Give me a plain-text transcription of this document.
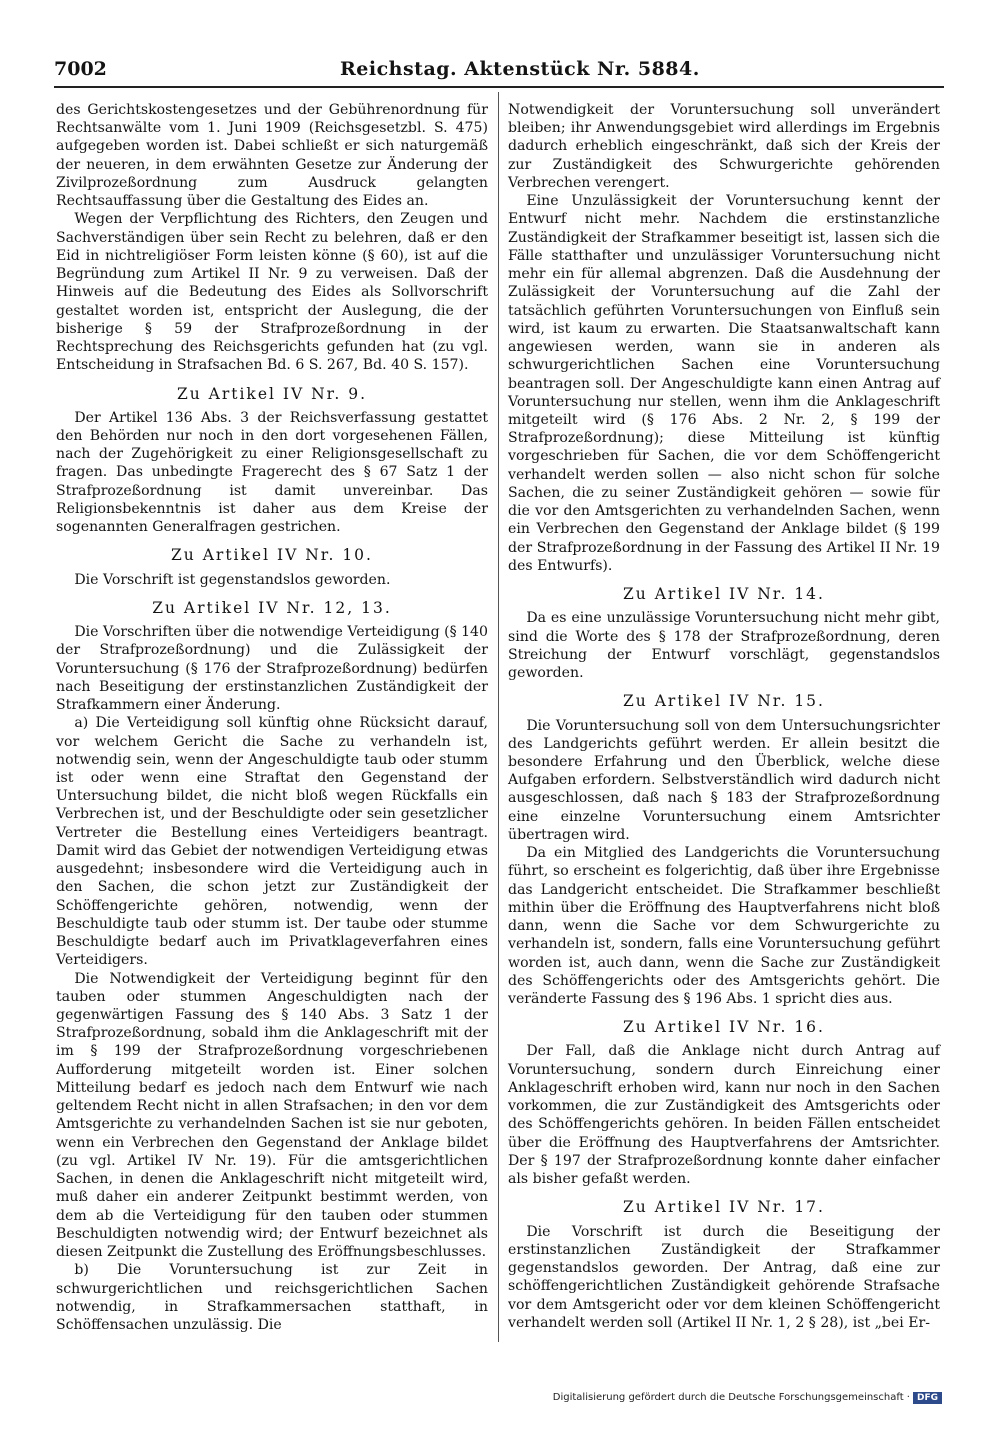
7002	Reichstag. Aktenstück Nr. 5884.

des Gerichtskostengesetzes und der Gebührenordnung für Rechtsanwälte vom 1. Juni 1909 (Reichsgesetzbl. S. 475) aufgegeben worden ist. Dabei schließt er sich naturgemäß der neueren, in dem erwähnten Gesetze zur Änderung der Zivilprozeßordnung zum Ausdruck gelangten Rechtsauffassung über die Gestaltung des Eides an.

Wegen der Verpflichtung des Richters, den Zeugen und Sachverständigen über sein Recht zu belehren, daß er den Eid in nichtreligiöser Form leisten könne (§ 60), ist auf die Begründung zum Artikel II Nr. 9 zu verweisen. Daß der Hinweis auf die Bedeutung des Eides als Sollvorschrift gestaltet worden ist, entspricht der Auslegung, die der bisherige § 59 der Strafprozeßordnung in der Rechtsprechung des Reichsgerichts gefunden hat (zu vgl. Entscheidung in Strafsachen Bd. 6 S. 267, Bd. 40 S. 157).

Zu Artikel IV Nr. 9.

Der Artikel 136 Abs. 3 der Reichsverfassung gestattet den Behörden nur noch in den dort vorgesehenen Fällen, nach der Zugehörigkeit zu einer Religionsgesellschaft zu fragen. Das unbedingte Fragerecht des § 67 Satz 1 der Strafprozeßordnung ist damit unvereinbar. Das Religionsbekenntnis ist daher aus dem Kreise der sogenannten Generalfragen gestrichen.

Zu Artikel IV Nr. 10.

Die Vorschrift ist gegenstandslos geworden.

Zu Artikel IV Nr. 12, 13.

Die Vorschriften über die notwendige Verteidigung (§ 140 der Strafprozeßordnung) und die Zulässigkeit der Voruntersuchung (§ 176 der Strafprozeßordnung) bedürfen nach Beseitigung der erstinstanzlichen Zuständigkeit der Strafkammern einer Änderung.

a) Die Verteidigung soll künftig ohne Rücksicht darauf, vor welchem Gericht die Sache zu verhandeln ist, notwendig sein, wenn der Angeschuldigte taub oder stumm ist oder wenn eine Straftat den Gegenstand der Untersuchung bildet, die nicht bloß wegen Rückfalls ein Verbrechen ist, und der Beschuldigte oder sein gesetzlicher Vertreter die Bestellung eines Verteidigers beantragt. Damit wird das Gebiet der notwendigen Verteidigung etwas ausgedehnt; insbesondere wird die Verteidigung auch in den Sachen, die schon jetzt zur Zuständigkeit der Schöffengerichte gehören, notwendig, wenn der Beschuldigte taub oder stumm ist. Der taube oder stumme Beschuldigte bedarf auch im Privatklageverfahren eines Verteidigers.

Die Notwendigkeit der Verteidigung beginnt für den tauben oder stummen Angeschuldigten nach der gegenwärtigen Fassung des § 140 Abs. 3 Satz 1 der Strafprozeßordnung, sobald ihm die Anklageschrift mit der im § 199 der Strafprozeßordnung vorgeschriebenen Aufforderung mitgeteilt worden ist. Einer solchen Mitteilung bedarf es jedoch nach dem Entwurf wie nach geltendem Recht nicht in allen Strafsachen; in den vor dem Amtsgerichte zu verhandelnden Sachen ist sie nur geboten, wenn ein Verbrechen den Gegenstand der Anklage bildet (zu vgl. Artikel IV Nr. 19). Für die amtsgerichtlichen Sachen, in denen die Anklageschrift nicht mitgeteilt wird, muß daher ein anderer Zeitpunkt bestimmt werden, von dem ab die Verteidigung für den tauben oder stummen Beschuldigten notwendig wird; der Entwurf bezeichnet als diesen Zeitpunkt die Zustellung des Eröffnungsbeschlusses.

b) Die Voruntersuchung ist zur Zeit in schwurgerichtlichen und reichsgerichtlichen Sachen notwendig, in Strafkammersachen statthaft, in Schöffensachen unzulässig. Die

Notwendigkeit der Voruntersuchung soll unverändert bleiben; ihr Anwendungsgebiet wird allerdings im Ergebnis dadurch erheblich eingeschränkt, daß sich der Kreis der zur Zuständigkeit des Schwurgerichte gehörenden Verbrechen verengert.

Eine Unzulässigkeit der Voruntersuchung kennt der Entwurf nicht mehr. Nachdem die erstinstanzliche Zuständigkeit der Strafkammer beseitigt ist, lassen sich die Fälle statthafter und unzulässiger Voruntersuchung nicht mehr ein für allemal abgrenzen. Daß die Ausdehnung der Zulässigkeit der Voruntersuchung auf die Zahl der tatsächlich geführten Voruntersuchungen von Einfluß sein wird, ist kaum zu erwarten. Die Staatsanwaltschaft kann angewiesen werden, wann sie in anderen als schwurgerichtlichen Sachen eine Voruntersuchung beantragen soll. Der Angeschuldigte kann einen Antrag auf Voruntersuchung nur stellen, wenn ihm die Anklageschrift mitgeteilt wird (§ 176 Abs. 2 Nr. 2, § 199 der Strafprozeßordnung); diese Mitteilung ist künftig vorgeschrieben für Sachen, die vor dem Schöffengericht verhandelt werden sollen — also nicht schon für solche Sachen, die zu seiner Zuständigkeit gehören — sowie für die vor den Amtsgerichten zu verhandelnden Sachen, wenn ein Verbrechen den Gegenstand der Anklage bildet (§ 199 der Strafprozeßordnung in der Fassung des Artikel II Nr. 19 des Entwurfs).

Zu Artikel IV Nr. 14.

Da es eine unzulässige Voruntersuchung nicht mehr gibt, sind die Worte des § 178 der Strafprozeßordnung, deren Streichung der Entwurf vorschlägt, gegenstandslos geworden.

Zu Artikel IV Nr. 15.

Die Voruntersuchung soll von dem Untersuchungsrichter des Landgerichts geführt werden. Er allein besitzt die besondere Erfahrung und den Überblick, welche diese Aufgaben erfordern. Selbstverständlich wird dadurch nicht ausgeschlossen, daß nach § 183 der Strafprozeßordnung eine einzelne Voruntersuchung einem Amtsrichter übertragen wird.

Da ein Mitglied des Landgerichts die Voruntersuchung führt, so erscheint es folgerichtig, daß über ihre Ergebnisse das Landgericht entscheidet. Die Strafkammer beschließt mithin über die Eröffnung des Hauptverfahrens nicht bloß dann, wenn die Sache vor dem Schwurgerichte zu verhandeln ist, sondern, falls eine Voruntersuchung geführt worden ist, auch dann, wenn die Sache zur Zuständigkeit des Schöffengerichts oder des Amtsgerichts gehört. Die veränderte Fassung des § 196 Abs. 1 spricht dies aus.

Zu Artikel IV Nr. 16.

Der Fall, daß die Anklage nicht durch Antrag auf Voruntersuchung, sondern durch Einreichung einer Anklageschrift erhoben wird, kann nur noch in den Sachen vorkommen, die zur Zuständigkeit des Amtsgerichts oder des Schöffengerichts gehören. In beiden Fällen entscheidet über die Eröffnung des Hauptverfahrens der Amtsrichter. Der § 197 der Strafprozeßordnung konnte daher einfacher als bisher gefaßt werden.

Zu Artikel IV Nr. 17.

Die Vorschrift ist durch die Beseitigung der erstinstanzlichen Zuständigkeit der Strafkammer gegenstandslos geworden. Der Antrag, daß eine zur schöffengerichtlichen Zuständigkeit gehörende Strafsache vor dem Amtsgericht oder vor dem kleinen Schöffengericht verhandelt werden soll (Artikel II Nr. 1, 2 § 28), ist „bei Er-

Digitalisierung gefördert durch die Deutsche Forschungsgemeinschaft · DFG
